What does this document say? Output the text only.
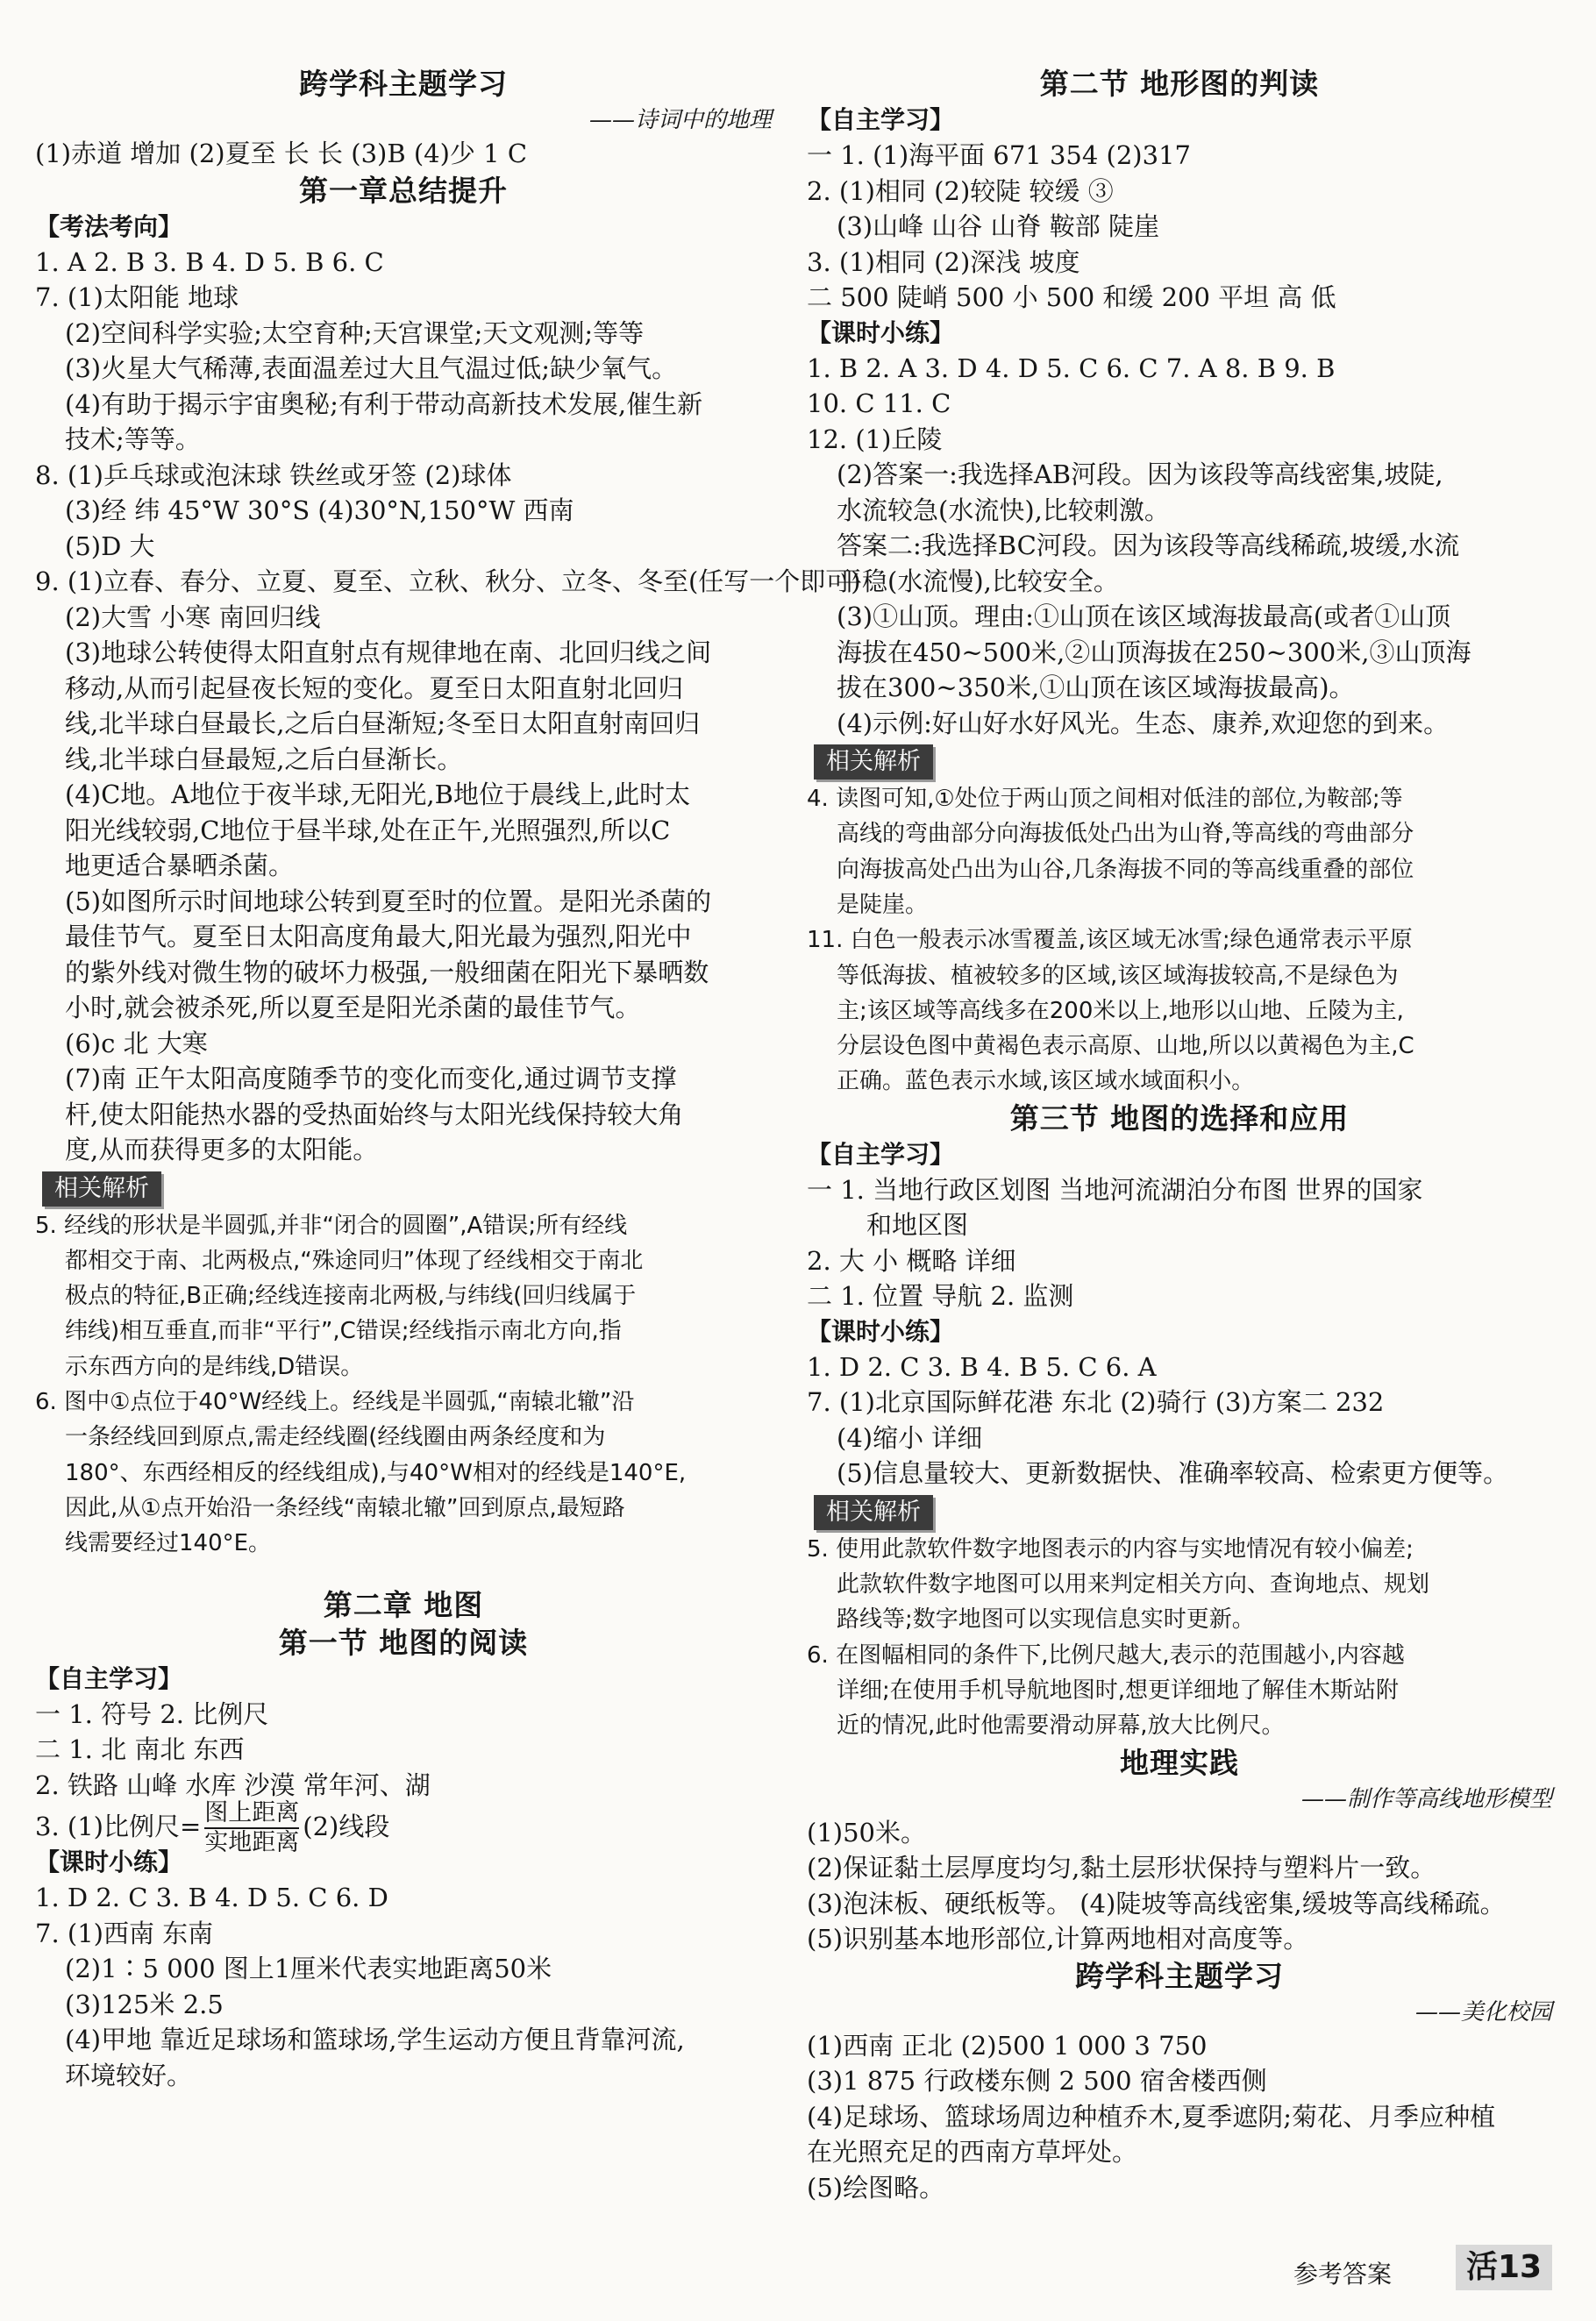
跨学科主题学习
——诗词中的地理
(1)赤道 增加 (2)夏至 长 长 (3)B (4)少 1 C
第一章总结提升
【考法考向】
1. A 2. B 3. B 4. D 5. B 6. C
7. (1)太阳能 地球
(2)空间科学实验;太空育种;天宫课堂;天文观测;等等
(3)火星大气稀薄,表面温差过大且气温过低;缺少氧气。
(4)有助于揭示宇宙奥秘;有利于带动高新技术发展,催生新
技术;等等。
8. (1)乒乓球或泡沫球 铁丝或牙签 (2)球体
(3)经 纬 45°W 30°S (4)30°N,150°W 西南
(5)D 大
9. (1)立春、春分、立夏、夏至、立秋、秋分、立冬、冬至(任写一个即可)
(2)大雪 小寒 南回归线
(3)地球公转使得太阳直射点有规律地在南、北回归线之间
移动,从而引起昼夜长短的变化。夏至日太阳直射北回归
线,北半球白昼最长,之后白昼渐短;冬至日太阳直射南回归
线,北半球白昼最短,之后白昼渐长。
(4)C地。A地位于夜半球,无阳光,B地位于晨线上,此时太
阳光线较弱,C地位于昼半球,处在正午,光照强烈,所以C
地更适合暴晒杀菌。
(5)如图所示时间地球公转到夏至时的位置。是阳光杀菌的
最佳节气。夏至日太阳高度角最大,阳光最为强烈,阳光中
的紫外线对微生物的破坏力极强,一般细菌在阳光下暴晒数
小时,就会被杀死,所以夏至是阳光杀菌的最佳节气。
(6)c 北 大寒
(7)南 正午太阳高度随季节的变化而变化,通过调节支撑
杆,使太阳能热水器的受热面始终与太阳光线保持较大角
度,从而获得更多的太阳能。
相关解析
5. 经线的形状是半圆弧,并非“闭合的圆圈”,A错误;所有经线
都相交于南、北两极点,“殊途同归”体现了经线相交于南北
极点的特征,B正确;经线连接南北两极,与纬线(回归线属于
纬线)相互垂直,而非“平行”,C错误;经线指示南北方向,指
示东西方向的是纬线,D错误。
6. 图中①点位于40°W经线上。经线是半圆弧,“南辕北辙”沿
一条经线回到原点,需走经线圈(经线圈由两条经度和为
180°、东西经相反的经线组成),与40°W相对的经线是140°E,
因此,从①点开始沿一条经线“南辕北辙”回到原点,最短路
线需要经过140°E。
第二章 地图
第一节 地图的阅读
【自主学习】
一 1. 符号 2. 比例尺
二 1. 北 南北 东西
2. 铁路 山峰 水库 沙漠 常年河、湖
3. (1)比例尺= $\frac{\text{图上距离}}{\text{实地距离}} (2)$线段
【课时小练】
1. D 2. C 3. B 4. D 5. C 6. D
7. (1)西南 东南
(2)1∶5 000 图上1厘米代表实地距离50米
(3)125米 2.5
(4)甲地 靠近足球场和篮球场,学生运动方便且背靠河流,
环境较好。
第二节 地形图的判读
【自主学习】
一 1. (1)海平面 671 354 (2)317
2. (1)相同 (2)较陡 较缓 ③
(3)山峰 山谷 山脊 鞍部 陡崖
3. (1)相同 (2)深浅 坡度
二 500 陡峭 500 小 500 和缓 200 平坦 高 低
【课时小练】
1. B 2. A 3. D 4. D 5. C 6. C 7. A 8. B 9. B
10. C 11. C
12. (1)丘陵
(2)答案一:我选择AB河段。因为该段等高线密集,坡陡,
水流较急(水流快),比较刺激。
答案二:我选择BC河段。因为该段等高线稀疏,坡缓,水流
平稳(水流慢),比较安全。
(3)①山顶。理由:①山顶在该区域海拔最高(或者①山顶
海拔在450~500米,②山顶海拔在250~300米,③山顶海
拔在300~350米,①山顶在该区域海拔最高)。
(4)示例:好山好水好风光。生态、康养,欢迎您的到来。
相关解析
4. 读图可知,①处位于两山顶之间相对低洼的部位,为鞍部;等
高线的弯曲部分向海拔低处凸出为山脊,等高线的弯曲部分
向海拔高处凸出为山谷,几条海拔不同的等高线重叠的部位
是陡崖。
11. 白色一般表示冰雪覆盖,该区域无冰雪;绿色通常表示平原
等低海拔、植被较多的区域,该区域海拔较高,不是绿色为
主;该区域等高线多在200米以上,地形以山地、丘陵为主,
分层设色图中黄褐色表示高原、山地,所以以黄褐色为主,C
正确。蓝色表示水域,该区域水域面积小。
第三节 地图的选择和应用
【自主学习】
一 1. 当地行政区划图 当地河流湖泊分布图 世界的国家
和地区图
2. 大 小 概略 详细
二 1. 位置 导航 2. 监测
【课时小练】
1. D 2. C 3. B 4. B 5. C 6. A
7. (1)北京国际鲜花港 东北 (2)骑行 (3)方案二 232
(4)缩小 详细
(5)信息量较大、更新数据快、准确率较高、检索更方便等。
相关解析
5. 使用此款软件数字地图表示的内容与实地情况有较小偏差;
此款软件数字地图可以用来判定相关方向、查询地点、规划
路线等;数字地图可以实现信息实时更新。
6. 在图幅相同的条件下,比例尺越大,表示的范围越小,内容越
详细;在使用手机导航地图时,想更详细地了解佳木斯站附
近的情况,此时他需要滑动屏幕,放大比例尺。
地理实践
——制作等高线地形模型
(1)50米。
(2)保证黏土层厚度均匀,黏土层形状保持与塑料片一致。
(3)泡沫板、硬纸板等。 (4)陡坡等高线密集,缓坡等高线稀疏。
(5)识别基本地形部位,计算两地相对高度等。
跨学科主题学习
——美化校园
(1)西南 正北 (2)500 1 000 3 750
(3)1 875 行政楼东侧 2 500 宿舍楼西侧
(4)足球场、篮球场周边种植乔木,夏季遮阴;菊花、月季应种植
在光照充足的西南方草坪处。
(5)绘图略。
参考答案	活13
